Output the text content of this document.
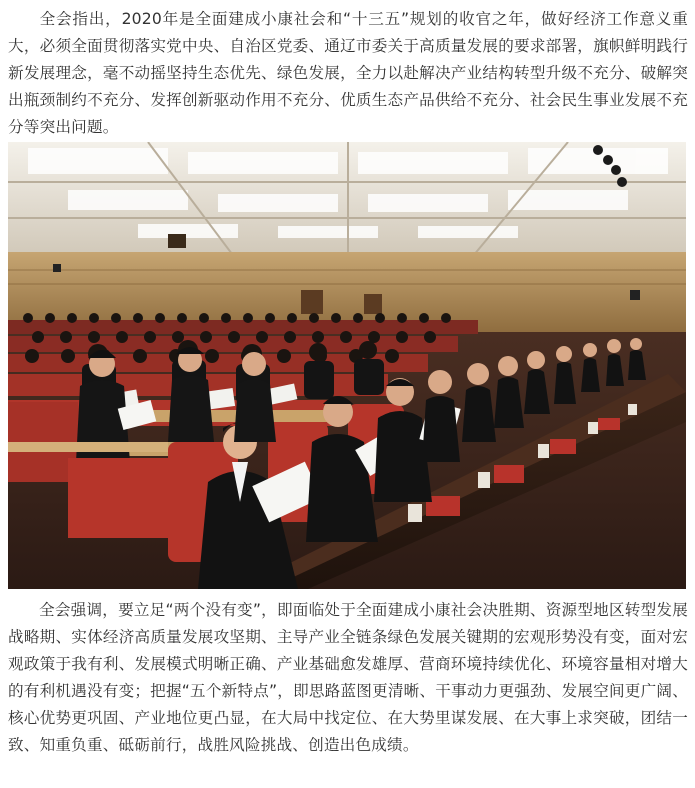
全会指出，2020年是全面建成小康社会和“十三五”规划的收官之年，做好经济工作意义重大，必须全面贯彻落实党中央、自治区党委、通辽市委关于高质量发展的要求部署，旗帜鲜明践行新发展理念，毫不动摇坚持生态优先、绿色发展，全力以赴解决产业结构转型升级不充分、破解突出瓶颈制约不充分、发挥创新驱动作用不充分、优质生态产品供给不充分、社会民生事业发展不充分等突出问题。

全会强调，要立足“两个没有变”，即面临处于全面建成小康社会决胜期、资源型地区转型发展战略期、实体经济高质量发展攻坚期、主导产业全链条绿色发展关键期的宏观形势没有变，面对宏观政策于我有利、发展模式明晰正确、产业基础愈发雄厚、营商环境持续优化、环境容量相对增大的有利机遇没有变；把握“五个新特点”，即思路蓝图更清晰、干事动力更强劲、发展空间更广阔、核心优势更巩固、产业地位更凸显，在大局中找定位、在大势里谋发展、在大事上求突破，团结一致、知重负重、砥砺前行，战胜风险挑战、创造出色成绩。
